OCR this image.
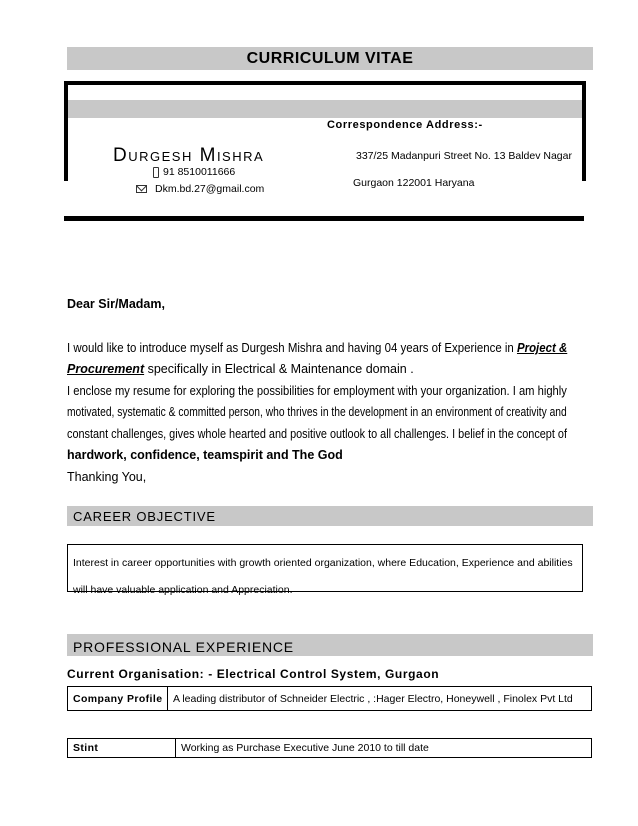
CURRICULUM VITAE
Correspondence Address:-
Durgesh Mishra
91 8510011666
Dkm.bd.27@gmail.com
337/25 Madanpuri Street No. 13 Baldev Nagar
Gurgaon 122001 Haryana
Dear Sir/Madam,
I would like to introduce myself as Durgesh Mishra and having 04 years of Experience in Project &
Procurement specifically in Electrical & Maintenance domain .
I enclose my resume for exploring the possibilities for employment with your organization. I am highly
motivated, systematic & committed person, who thrives in the development in an environment of creativity and
constant challenges, gives whole hearted and positive outlook to all challenges. I belief in the concept of
hardwork, confidence, teamspirit and The God
Thanking You,
CAREER OBJECTIVE
Interest in career opportunities with growth oriented organization, where Education, Experience and abilities
will have valuable application and Appreciation.
PROFESSIONAL EXPERIENCE
Current Organisation: - Electrical Control System, Gurgaon
Company Profile	A leading distributor of Schneider Electric , :Hager Electro, Honeywell , Finolex Pvt Ltd
Stint	Working as Purchase Executive June 2010 to till date
